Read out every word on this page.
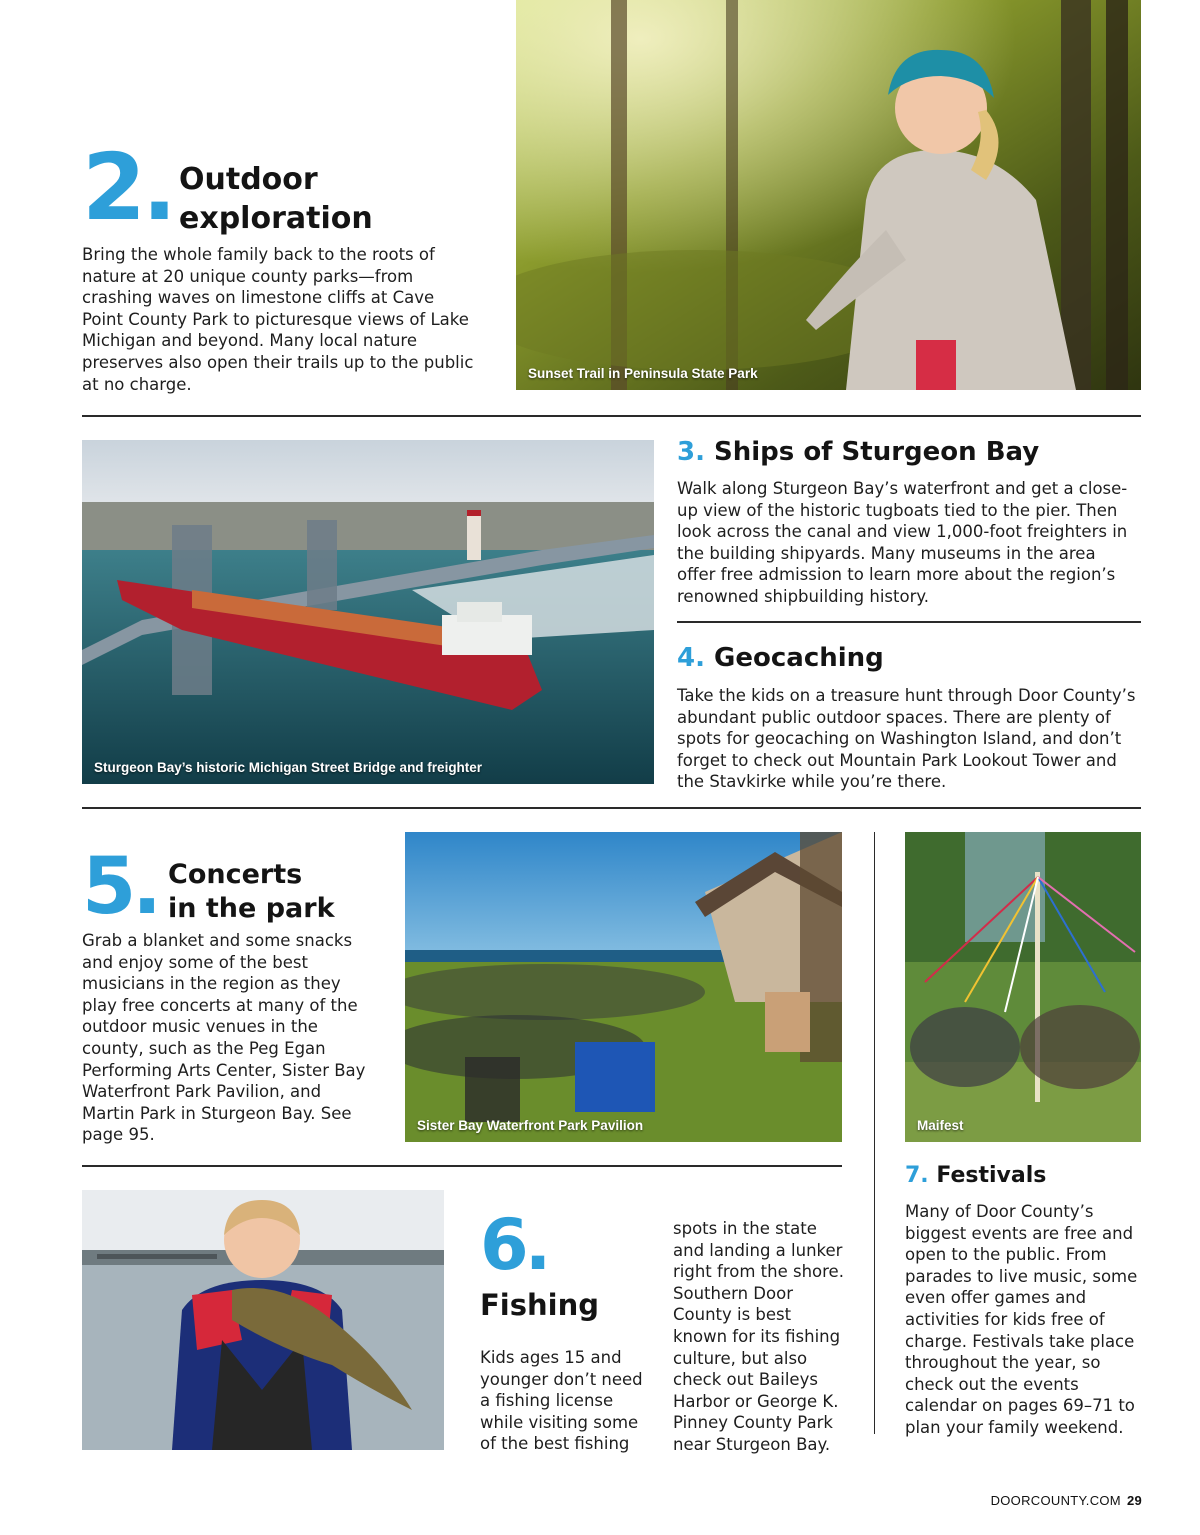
2. Outdoor
exploration
Bring the whole family back to the roots of nature at 20 unique county parks—from crashing waves on limestone cliffs at Cave Point County Park to picturesque views of Lake Michigan and beyond. Many local nature preserves also open their trails up to the public at no charge.
Sunset Trail in Peninsula State Park
Sturgeon Bay’s historic Michigan Street Bridge and freighter
3. Ships of Sturgeon Bay
Walk along Sturgeon Bay’s waterfront and get a close-up view of the historic tugboats tied to the pier. Then look across the canal and view 1,000-foot freighters in the building shipyards. Many museums in the area offer free admission to learn more about the region’s renowned shipbuilding history.
4. Geocaching
Take the kids on a treasure hunt through Door County’s abundant public outdoor spaces. There are plenty of spots for geocaching on Washington Island, and don’t forget to check out Mountain Park Lookout Tower and the Stavkirke while you’re there.
5. Concerts
in the park
Grab a blanket and some snacks and enjoy some of the best musicians in the region as they play free concerts at many of the outdoor music venues in the county, such as the Peg Egan Performing Arts Center, Sister Bay Waterfront Park Pavilion, and Martin Park in Sturgeon Bay. See page 95.	Sister Bay Waterfront Park Pavilion	Maifest
7. Festivals
Many of Door County’s biggest events are free and open to the public. From parades to live music, some even offer games and activities for kids free of charge. Festivals take place throughout the year, so check out the events calendar on pages 69–71 to plan your family weekend.
6.
Fishing
Kids ages 15 and younger don’t need a fishing license while visiting some of the best fishing
spots in the state and landing a lunker right from the shore. Southern Door County is best known for its fishing culture, but also check out Baileys Harbor or George K. Pinney County Park near Sturgeon Bay.
DOORCOUNTY.COM 29
